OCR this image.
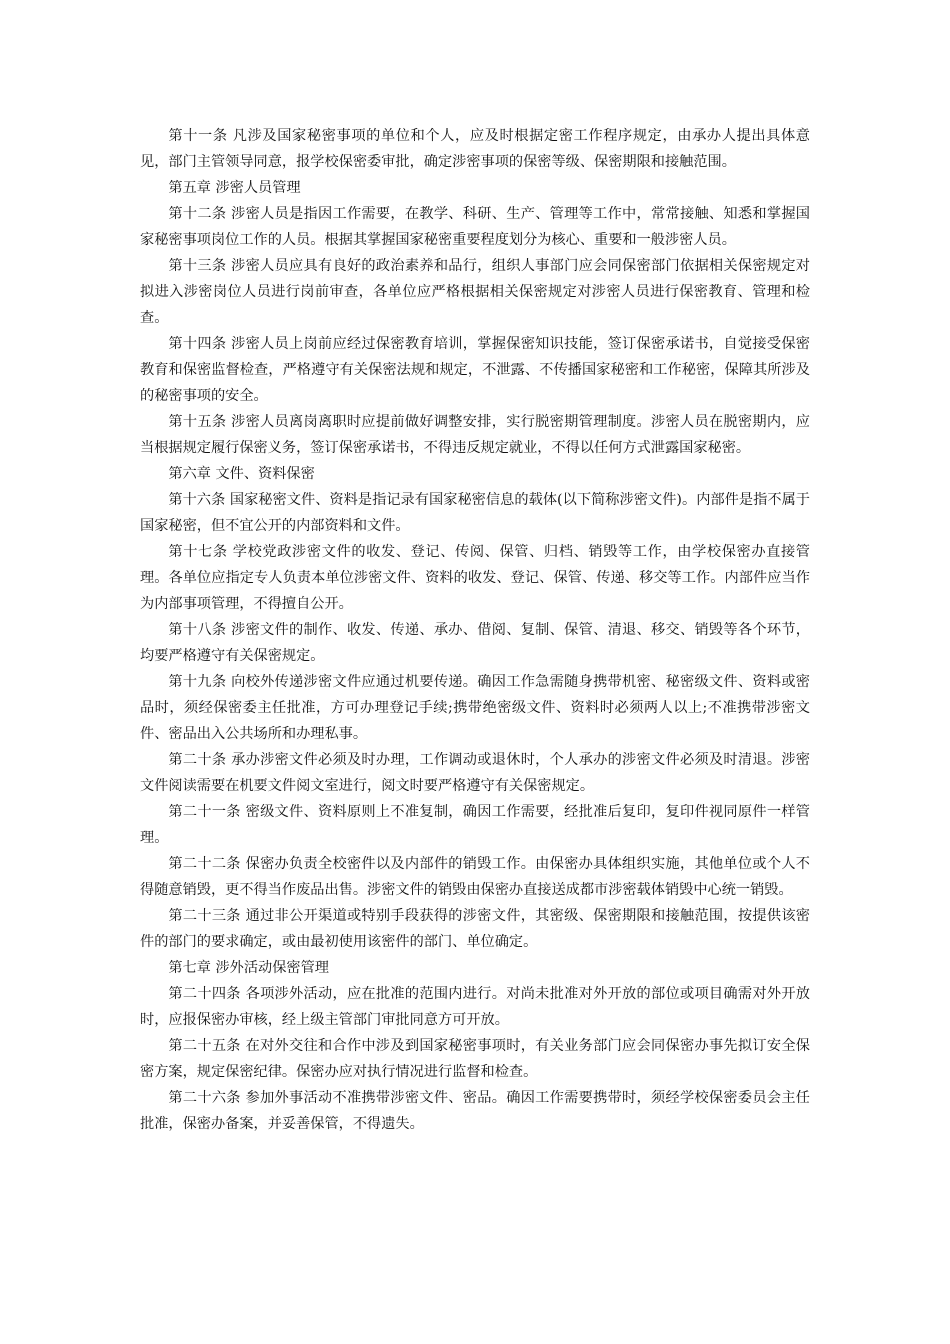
第十一条 凡涉及国家秘密事项的单位和个人，应及时根据定密工作程序规定，由承办人提出具体意见，部门主管领导同意，报学校保密委审批，确定涉密事项的保密等级、保密期限和接触范围。

第五章 涉密人员管理

第十二条 涉密人员是指因工作需要，在教学、科研、生产、管理等工作中，常常接触、知悉和掌握国家秘密事项岗位工作的人员。根据其掌握国家秘密重要程度划分为核心、重要和一般涉密人员。

第十三条 涉密人员应具有良好的政治素养和品行，组织人事部门应会同保密部门依据相关保密规定对拟进入涉密岗位人员进行岗前审查，各单位应严格根据相关保密规定对涉密人员进行保密教育、管理和检查。

第十四条 涉密人员上岗前应经过保密教育培训，掌握保密知识技能，签订保密承诺书，自觉接受保密教育和保密监督检查，严格遵守有关保密法规和规定，不泄露、不传播国家秘密和工作秘密，保障其所涉及的秘密事项的安全。

第十五条 涉密人员离岗离职时应提前做好调整安排，实行脱密期管理制度。涉密人员在脱密期内，应当根据规定履行保密义务，签订保密承诺书，不得违反规定就业，不得以任何方式泄露国家秘密。

第六章 文件、资料保密

第十六条 国家秘密文件、资料是指记录有国家秘密信息的载体(以下简称涉密文件)。内部件是指不属于国家秘密，但不宜公开的内部资料和文件。

第十七条 学校党政涉密文件的收发、登记、传阅、保管、归档、销毁等工作，由学校保密办直接管理。各单位应指定专人负责本单位涉密文件、资料的收发、登记、保管、传递、移交等工作。内部件应当作为内部事项管理，不得擅自公开。

第十八条 涉密文件的制作、收发、传递、承办、借阅、复制、保管、清退、移交、销毁等各个环节，均要严格遵守有关保密规定。

第十九条 向校外传递涉密文件应通过机要传递。确因工作急需随身携带机密、秘密级文件、资料或密品时，须经保密委主任批准，方可办理登记手续;携带绝密级文件、资料时必须两人以上;不准携带涉密文件、密品出入公共场所和办理私事。

第二十条 承办涉密文件必须及时办理，工作调动或退休时，个人承办的涉密文件必须及时清退。涉密文件阅读需要在机要文件阅文室进行，阅文时要严格遵守有关保密规定。

第二十一条 密级文件、资料原则上不准复制，确因工作需要，经批准后复印，复印件视同原件一样管理。

第二十二条 保密办负责全校密件以及内部件的销毁工作。由保密办具体组织实施，其他单位或个人不得随意销毁，更不得当作废品出售。涉密文件的销毁由保密办直接送成都市涉密载体销毁中心统一销毁。

第二十三条 通过非公开渠道或特别手段获得的涉密文件，其密级、保密期限和接触范围，按提供该密件的部门的要求确定，或由最初使用该密件的部门、单位确定。

第七章 涉外活动保密管理

第二十四条 各项涉外活动，应在批准的范围内进行。对尚未批准对外开放的部位或项目确需对外开放时，应报保密办审核，经上级主管部门审批同意方可开放。

第二十五条 在对外交往和合作中涉及到国家秘密事项时，有关业务部门应会同保密办事先拟订安全保密方案，规定保密纪律。保密办应对执行情况进行监督和检查。

第二十六条 参加外事活动不准携带涉密文件、密品。确因工作需要携带时，须经学校保密委员会主任批准，保密办备案，并妥善保管，不得遗失。
